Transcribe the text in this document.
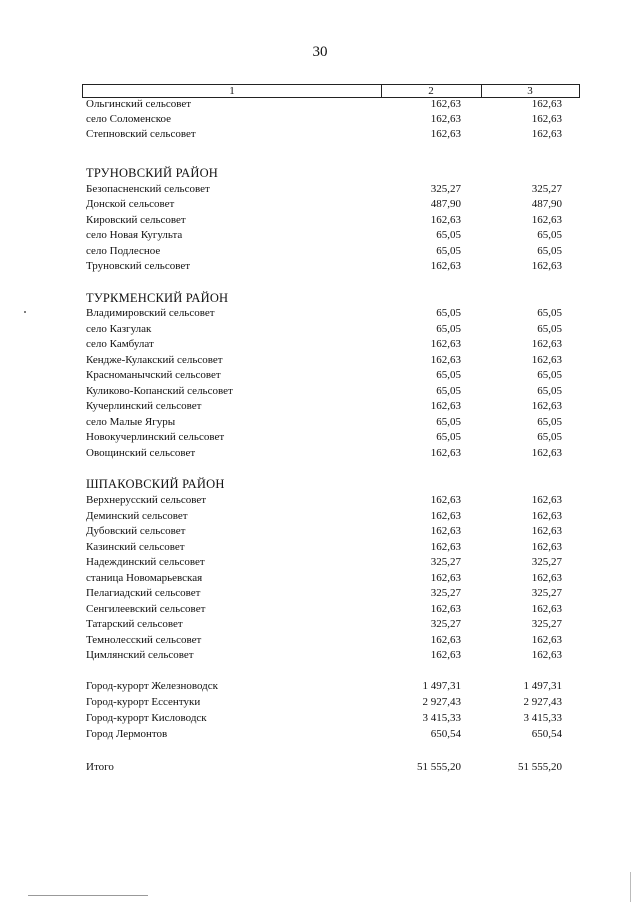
30
1	2	3
Ольгинский сельсовет	162,63	162,63
село Соломенское	162,63	162,63
Степновский сельсовет	162,63	162,63
ТРУНОВСКИЙ РАЙОН
Безопасненский сельсовет	325,27	325,27
Донской сельсовет	487,90	487,90
Кировский сельсовет	162,63	162,63
село Новая Кугульта	65,05	65,05
село Подлесное	65,05	65,05
Труновский сельсовет	162,63	162,63
ТУРКМЕНСКИЙ РАЙОН
Владимировский сельсовет	65,05	65,05
село Казгулак	65,05	65,05
село Камбулат	162,63	162,63
Кендже-Кулакский сельсовет	162,63	162,63
Красноманычский сельсовет	65,05	65,05
Куликово-Копанский сельсовет	65,05	65,05
Кучерлинский сельсовет	162,63	162,63
село Малые Ягуры	65,05	65,05
Новокучерлинский сельсовет	65,05	65,05
Овощинский сельсовет	162,63	162,63
ШПАКОВСКИЙ РАЙОН
Верхнерусский сельсовет	162,63	162,63
Деминский сельсовет	162,63	162,63
Дубовский сельсовет	162,63	162,63
Казинский сельсовет	162,63	162,63
Надеждинский сельсовет	325,27	325,27
станица Новомарьевская	162,63	162,63
Пелагиадский сельсовет	325,27	325,27
Сенгилеевский сельсовет	162,63	162,63
Татарский сельсовет	325,27	325,27
Темнолесский сельсовет	162,63	162,63
Цимлянский сельсовет	162,63	162,63
Город-курорт Железноводск	1 497,31	1 497,31
Город-курорт Ессентуки	2 927,43	2 927,43
Город-курорт Кисловодск	3 415,33	3 415,33
Город Лермонтов	650,54	650,54
Итого	51 555,20	51 555,20
